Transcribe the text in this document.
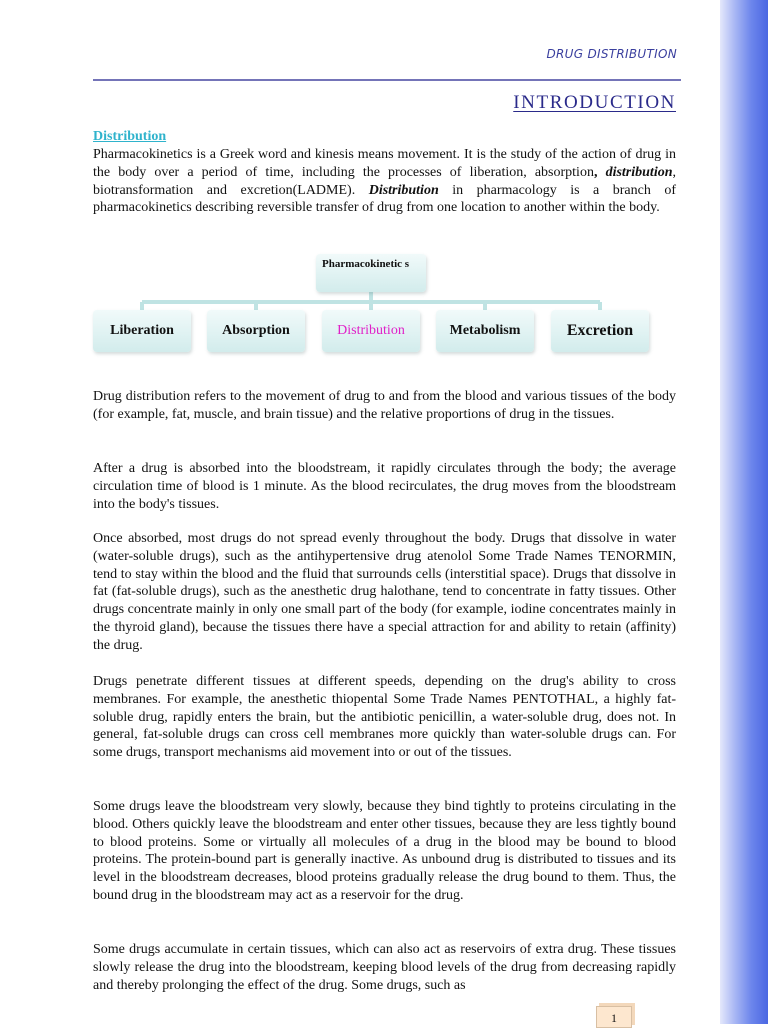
DRUG DISTRIBUTION
INTRODUCTION
Distribution

Pharmacokinetics is a Greek word and kinesis means movement. It is the study of the action of drug in the body over a period of time, including the processes of liberation, absorption, distribution, biotransformation and excretion(LADME). Distribution in pharmacology is a branch of pharmacokinetics describing reversible transfer of drug from one location to another within the body.

Pharmacokinetic s
Liberation	Absorption	Distribution	Metabolism	Excretion

Drug distribution refers to the movement of drug to and from the blood and various tissues of the body (for example, fat, muscle, and brain tissue) and the relative proportions of drug in the tissues.

After a drug is absorbed into the bloodstream, it rapidly circulates through the body; the average circulation time of blood is 1 minute. As the blood recirculates, the drug moves from the bloodstream into the body's tissues.

Once absorbed, most drugs do not spread evenly throughout the body. Drugs that dissolve in water (water-soluble drugs), such as the antihypertensive drug atenolol Some Trade Names TENORMIN, tend to stay within the blood and the fluid that surrounds cells (interstitial space). Drugs that dissolve in fat (fat-soluble drugs), such as the anesthetic drug halothane, tend to concentrate in fatty tissues. Other drugs concentrate mainly in only one small part of the body (for example, iodine concentrates mainly in the thyroid gland), because the tissues there have a special attraction for and ability to retain (affinity) the drug.

Drugs penetrate different tissues at different speeds, depending on the drug's ability to cross membranes. For example, the anesthetic thiopental Some Trade Names PENTOTHAL, a highly fat-soluble drug, rapidly enters the brain, but the antibiotic penicillin, a water-soluble drug, does not. In general, fat-soluble drugs can cross cell membranes more quickly than water-soluble drugs can. For some drugs, transport mechanisms aid movement into or out of the tissues.

Some drugs leave the bloodstream very slowly, because they bind tightly to proteins circulating in the blood. Others quickly leave the bloodstream and enter other tissues, because they are less tightly bound to blood proteins. Some or virtually all molecules of a drug in the blood may be bound to blood proteins. The protein-bound part is generally inactive. As unbound drug is distributed to tissues and its level in the bloodstream decreases, blood proteins gradually release the drug bound to them. Thus, the bound drug in the bloodstream may act as a reservoir for the drug.

Some drugs accumulate in certain tissues, which can also act as reservoirs of extra drug. These tissues slowly release the drug into the bloodstream, keeping blood levels of the drug from decreasing rapidly and thereby prolonging the effect of the drug. Some drugs, such as

1
